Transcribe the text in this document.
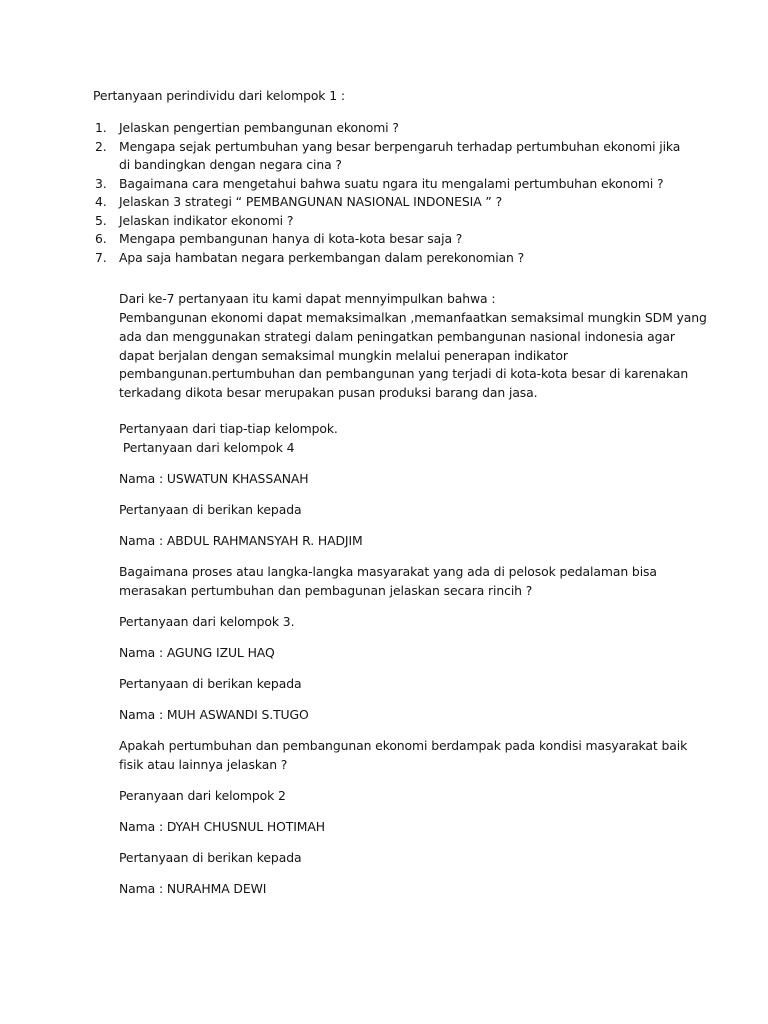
Pertanyaan perindividu dari kelompok 1 :
1. Jelaskan pengertian pembangunan ekonomi ?
2. Mengapa sejak pertumbuhan yang besar berpengaruh terhadap pertumbuhan ekonomi jika di bandingkan dengan negara cina ?
3. Bagaimana cara mengetahui bahwa suatu ngara itu mengalami pertumbuhan ekonomi ?
4. Jelaskan 3 strategi “ PEMBANGUNAN NASIONAL INDONESIA ” ?
5. Jelaskan indikator ekonomi ?
6. Mengapa pembangunan hanya di kota-kota besar saja ?
7. Apa saja hambatan negara perkembangan dalam perekonomian ?
Dari ke-7 pertanyaan itu kami dapat mennyimpulkan bahwa :
Pembangunan ekonomi dapat memaksimalkan ,memanfaatkan semaksimal mungkin SDM yang
ada dan menggunakan strategi dalam peningatkan pembangunan nasional indonesia agar
dapat berjalan dengan semaksimal mungkin melalui penerapan indikator
pembangunan.pertumbuhan dan pembangunan yang terjadi di kota-kota besar di karenakan
terkadang dikota besar merupakan pusan produksi barang dan jasa.
Pertanyaan dari tiap-tiap kelompok.
Pertanyaan dari kelompok 4
Nama : USWATUN KHASSANAH
Pertanyaan di berikan kepada
Nama : ABDUL RAHMANSYAH R. HADJIM
Bagaimana proses atau langka-langka masyarakat yang ada di pelosok pedalaman bisa
merasakan pertumbuhan dan pembagunan jelaskan secara rincih ?
Pertanyaan dari kelompok 3.
Nama : AGUNG IZUL HAQ
Pertanyaan di berikan kepada
Nama : MUH ASWANDI S.TUGO
Apakah pertumbuhan dan pembangunan ekonomi berdampak pada kondisi masyarakat baik
fisik atau lainnya jelaskan ?
Peranyaan dari kelompok 2
Nama : DYAH CHUSNUL HOTIMAH
Pertanyaan di berikan kepada
Nama : NURAHMA DEWI
